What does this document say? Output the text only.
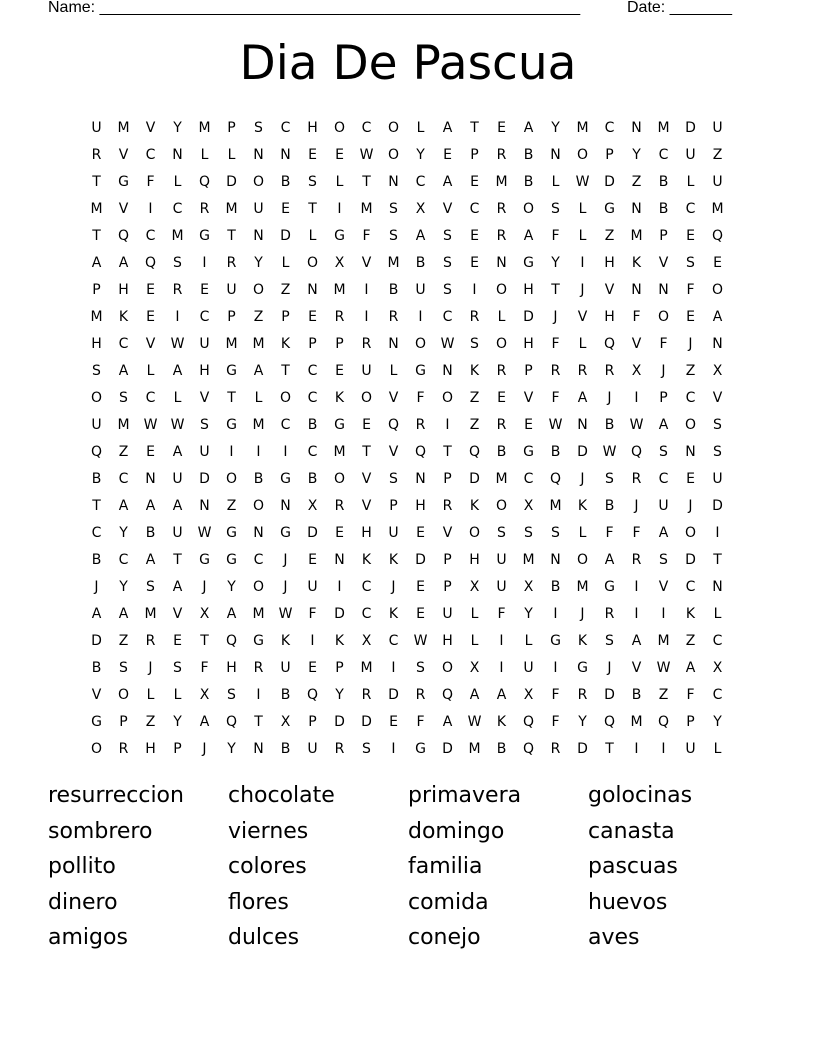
Name: ______________________________________________________	Date: _______
Dia De Pascua
U	M	V	Y	M	P	S	C	H	O	C	O	L	A	T	E	A	Y	M	C	N	M	D	U
R	V	C	N	L	L	N	N	E	E	W	O	Y	E	P	R	B	N	O	P	Y	C	U	Z
T	G	F	L	Q	D	O	B	S	L	T	N	C	A	E	M	B	L	W	D	Z	B	L	U
M	V	I	C	R	M	U	E	T	I	M	S	X	V	C	R	O	S	L	G	N	B	C	M
T	Q	C	M	G	T	N	D	L	G	F	S	A	S	E	R	A	F	L	Z	M	P	E	Q
A	A	Q	S	I	R	Y	L	O	X	V	M	B	S	E	N	G	Y	I	H	K	V	S	E
P	H	E	R	E	U	O	Z	N	M	I	B	U	S	I	O	H	T	J	V	N	N	F	O
M	K	E	I	C	P	Z	P	E	R	I	R	I	C	R	L	D	J	V	H	F	O	E	A
H	C	V	W	U	M	M	K	P	P	R	N	O	W	S	O	H	F	L	Q	V	F	J	N
S	A	L	A	H	G	A	T	C	E	U	L	G	N	K	R	P	R	R	R	X	J	Z	X
O	S	C	L	V	T	L	O	C	K	O	V	F	O	Z	E	V	F	A	J	I	P	C	V
U	M	W W	S	G	M	C	B	G	E	Q	R	I	Z	R	E	W	N	B	W	A	O	S
Q	Z	E	A	U	I	I	I	C	M	T	V	Q	T	Q	B	G	B	D	W	Q	S	N	S
B	C	N	U	D	O	B	G	B	O	V	S	N	P	D	M	C	Q	J	S	R	C	E	U
T	A	A	A	N	Z	O	N	X	R	V	P	H	R	K	O	X	M	K	B	J	U	J	D
C	Y	B	U	W	G	N	G	D	E	H	U	E	V	O	S	S	S	L	F	F	A	O	I
B	C	A	T	G	G	C	J	E	N	K	K	D	P	H	U	M	N	O	A	R	S	D	T
J	Y	S	A	J	Y	O	J	U	I	C	J	E	P	X	U	X	B	M	G	I	V	C	N
A	A	M	V	X	A	M	W	F	D	C	K	E	U	L	F	Y	I	J	R	I	I	K	L
D	Z	R	E	T	Q	G	K	I	K	X	C	W	H	L	I	L	G	K	S	A	M	Z	C
B	S	J	S	F	H	R	U	E	P	M	I	S	O	X	I	U	I	G	J	V	W	A	X
V	O	L	L	X	S	I	B	Q	Y	R	D	R	Q	A	A	X	F	R	D	B	Z	F	C
G	P	Z	Y	A	Q	T	X	P	D	D	E	F	A	W	K	Q	F	Y	Q	M	Q	P	Y
O	R	H	P	J	Y	N	B	U	R	S	I	G	D	M	B	Q	R	D	T	I	I	U	L
resurreccion	chocolate	primavera	golocinas
sombrero	viernes	domingo	canasta
pollito	colores	familia	pascuas
dinero	flores	comida	huevos
amigos	dulces	conejo	aves
